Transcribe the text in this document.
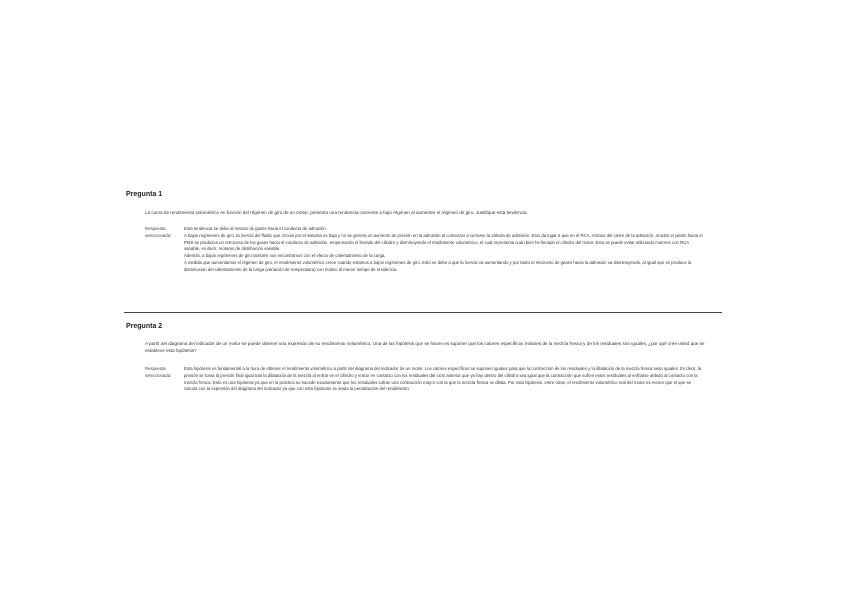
Pregunta 1
La curva de rendimiento volumétrico en función del régimen de giro de un motor, presenta una tendencia creciente a bajo régimen al aumentar el régimen de giro. Justifique esta tendencia.
Respuesta
seleccionada:

Esta tendencia se debe al retraso de gases hacia el conducto de admisión.

A bajos regímenes de giro, la inercia del fluido que circula por el sistema es baja y no se genera un aumento de presión en la admisión al comenzar a cerrarse la válvula de admisión. Esto da lugar a que en el RCA, retraso del cierre de la admisión, al subir el pistón hacia el PMS se produzca un retroceso de los gases hacia el conducto de admisión, empeorando el llenado del cilindro y disminuyendo el rendimiento volumétrico, el cual representa cuan bien he llenado el cilindro del motor. Esto se puede evitar utilizando motores con RCA variable, es decir, motores de distribución variable.

Además, a bajos regímenes de giro también nos encontramos con el efecto de calentamiento de la carga.

A medida que aumentamos el régimen de giro, el rendimiento volumétrico crece cuando estamos a bajos regímenes de giro. Esto se debe a que la inercia va aumentando y por tanto el retroceso de gases hacia la admisión va disminuyendo, al igual que se produce la disminución del calentamiento de la carga (variación de temperatura) con motivo al menor tiempo de residencia.

Pregunta 2
A partir del diagrama del indicador de un motor se puede obtener una expresión de su rendimiento volumétrico. Una de las hipótesis que se hacen es suponer que los calores específicos molares de la mezcla fresca y de los residuales son iguales, ¿por qué cree usted que se establece esta hipótesis?
Respuesta
seleccionada:

Esta hipótesis es fundamental a la hora de obtener el rendimiento volumétrico a partir del diagrama del indicador de un motor. Los calores específicos se suponen iguales para que la contracción de los residuales y la dilatación de la mezcla fresca sean iguales. Es decir, la presión se toma la presión final igual tras la dilatación de la mezcla al entrar en el cilindro y entrar en contacto con los residuales del ciclo anterior que ya hay dentro del cilindro sea igual que la contracción que sufren estos residuales al enfriarse debido al contacto con la mezcla fresca. Esto es una hipótesis ya que en la práctica no sucede exactamente que los residuales sufran una contracción mayor con la que la mezcla fresca se dilata. Por esta hipótesis, entre otras, el rendimiento volumétrico real del motor es menor que el que se calcula con la expresión del diagrama del indicador ya que con esta hipótesis se anula la penalización del rendimiento.
